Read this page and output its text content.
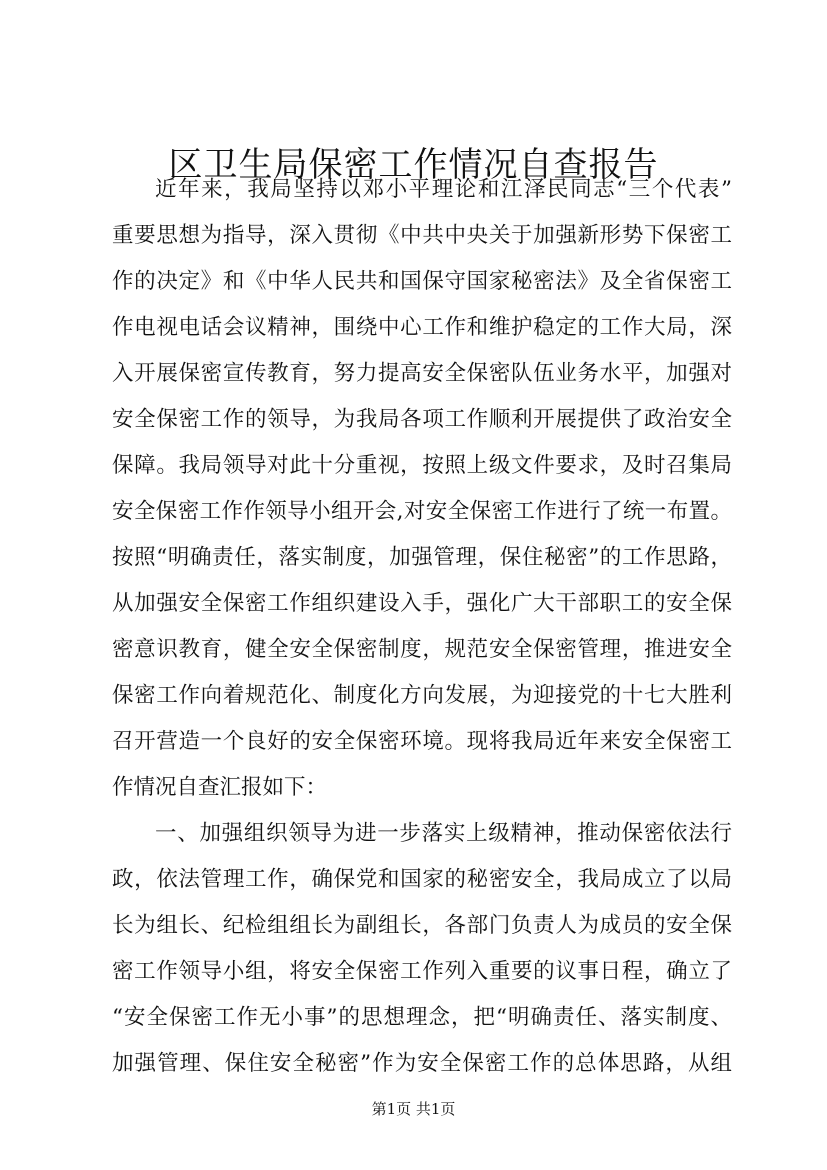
区卫生局保密工作情况自查报告
近年来，我局坚持以邓小平理论和江泽民同志“三个代表”
重要思想为指导，深入贯彻《中共中央关于加强新形势下保密工
作的决定》和《中华人民共和国保守国家秘密法》及全省保密工
作电视电话会议精神，围绕中心工作和维护稳定的工作大局，深
入开展保密宣传教育，努力提高安全保密队伍业务水平，加强对
安全保密工作的领导，为我局各项工作顺利开展提供了政治安全
保障。我局领导对此十分重视，按照上级文件要求，及时召集局
安全保密工作作领导小组开会,对安全保密工作进行了统一布置。
按照“明确责任，落实制度，加强管理，保住秘密”的工作思路，
从加强安全保密工作组织建设入手，强化广大干部职工的安全保
密意识教育，健全安全保密制度，规范安全保密管理，推进安全
保密工作向着规范化、制度化方向发展，为迎接党的十七大胜利
召开营造一个良好的安全保密环境。现将我局近年来安全保密工
作情况自查汇报如下：
一、加强组织领导为进一步落实上级精神，推动保密依法行
政，依法管理工作，确保党和国家的秘密安全，我局成立了以局
长为组长、纪检组组长为副组长，各部门负责人为成员的安全保
密工作领导小组，将安全保密工作列入重要的议事日程，确立了
“安全保密工作无小事”的思想理念，把“明确责任、落实制度、
加强管理、保住安全秘密”作为安全保密工作的总体思路，从组
第1页 共1页
